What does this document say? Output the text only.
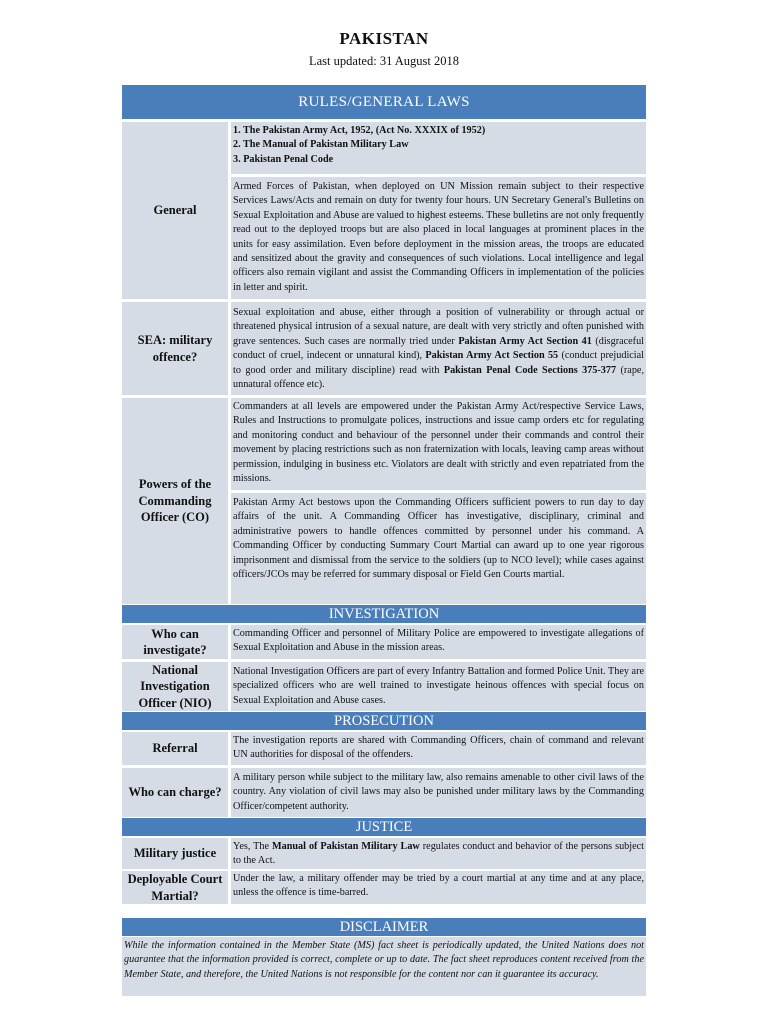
PAKISTAN
Last updated: 31 August 2018
RULES/GENERAL LAWS
General
1. The Pakistan Army Act, 1952, (Act No. XXXIX of 1952)
2. The Manual of Pakistan Military Law
3. Pakistan Penal Code
Armed Forces of Pakistan, when deployed on UN Mission remain subject to their respective Services Laws/Acts and remain on duty for twenty four hours. UN Secretary General's Bulletins on Sexual Exploitation and Abuse are valued to highest esteems. These bulletins are not only frequently read out to the deployed troops but are also placed in local languages at prominent places in the units for easy assimilation. Even before deployment in the mission areas, the troops are educated and sensitized about the gravity and consequences of such violations. Local intelligence and legal officers also remain vigilant and assist the Commanding Officers in implementation of the policies in letter and spirit.
SEA: military offence?
Sexual exploitation and abuse, either through a position of vulnerability or through actual or threatened physical intrusion of a sexual nature, are dealt with very strictly and often punished with grave sentences. Such cases are normally tried under Pakistan Army Act Section 41 (disgraceful conduct of cruel, indecent or unnatural kind), Pakistan Army Act Section 55 (conduct prejudicial to good order and military discipline) read with Pakistan Penal Code Sections 375-377 (rape, unnatural offence etc).
Powers of the Commanding Officer (CO)
Commanders at all levels are empowered under the Pakistan Army Act/respective Service Laws, Rules and Instructions to promulgate polices, instructions and issue camp orders etc for regulating and monitoring conduct and behaviour of the personnel under their commands and control their movement by placing restrictions such as non fraternization with locals, leaving camp areas without permission, indulging in business etc. Violators are dealt with strictly and even repatriated from the missions.
Pakistan Army Act bestows upon the Commanding Officers sufficient powers to run day to day affairs of the unit. A Commanding Officer has investigative, disciplinary, criminal and administrative powers to handle offences committed by personnel under his command. A Commanding Officer by conducting Summary Court Martial can award up to one year rigorous imprisonment and dismissal from the service to the soldiers (up to NCO level); while cases against officers/JCOs may be referred for summary disposal or Field Gen Courts martial.
INVESTIGATION
Who can investigate?
Commanding Officer and personnel of Military Police are empowered to investigate allegations of Sexual Exploitation and Abuse in the mission areas.
National Investigation Officer (NIO)
National Investigation Officers are part of every Infantry Battalion and formed Police Unit. They are specialized officers who are well trained to investigate heinous offences with special focus on Sexual Exploitation and Abuse cases.
PROSECUTION
Referral
The investigation reports are shared with Commanding Officers, chain of command and relevant UN authorities for disposal of the offenders.
Who can charge?
A military person while subject to the military law, also remains amenable to other civil laws of the country. Any violation of civil laws may also be punished under military laws by the Commanding Officer/competent authority.
JUSTICE
Military justice	Yes, The Manual of Pakistan Military Law regulates conduct and behavior of the persons subject to the Act.
Deployable Court Martial?
Under the law, a military offender may be tried by a court martial at any time and at any place, unless the offence is time-barred.
DISCLAIMER
While the information contained in the Member State (MS) fact sheet is periodically updated, the United Nations does not guarantee that the information provided is correct, complete or up to date. The fact sheet reproduces content received from the Member State, and therefore, the United Nations is not responsible for the content nor can it guarantee its accuracy.
